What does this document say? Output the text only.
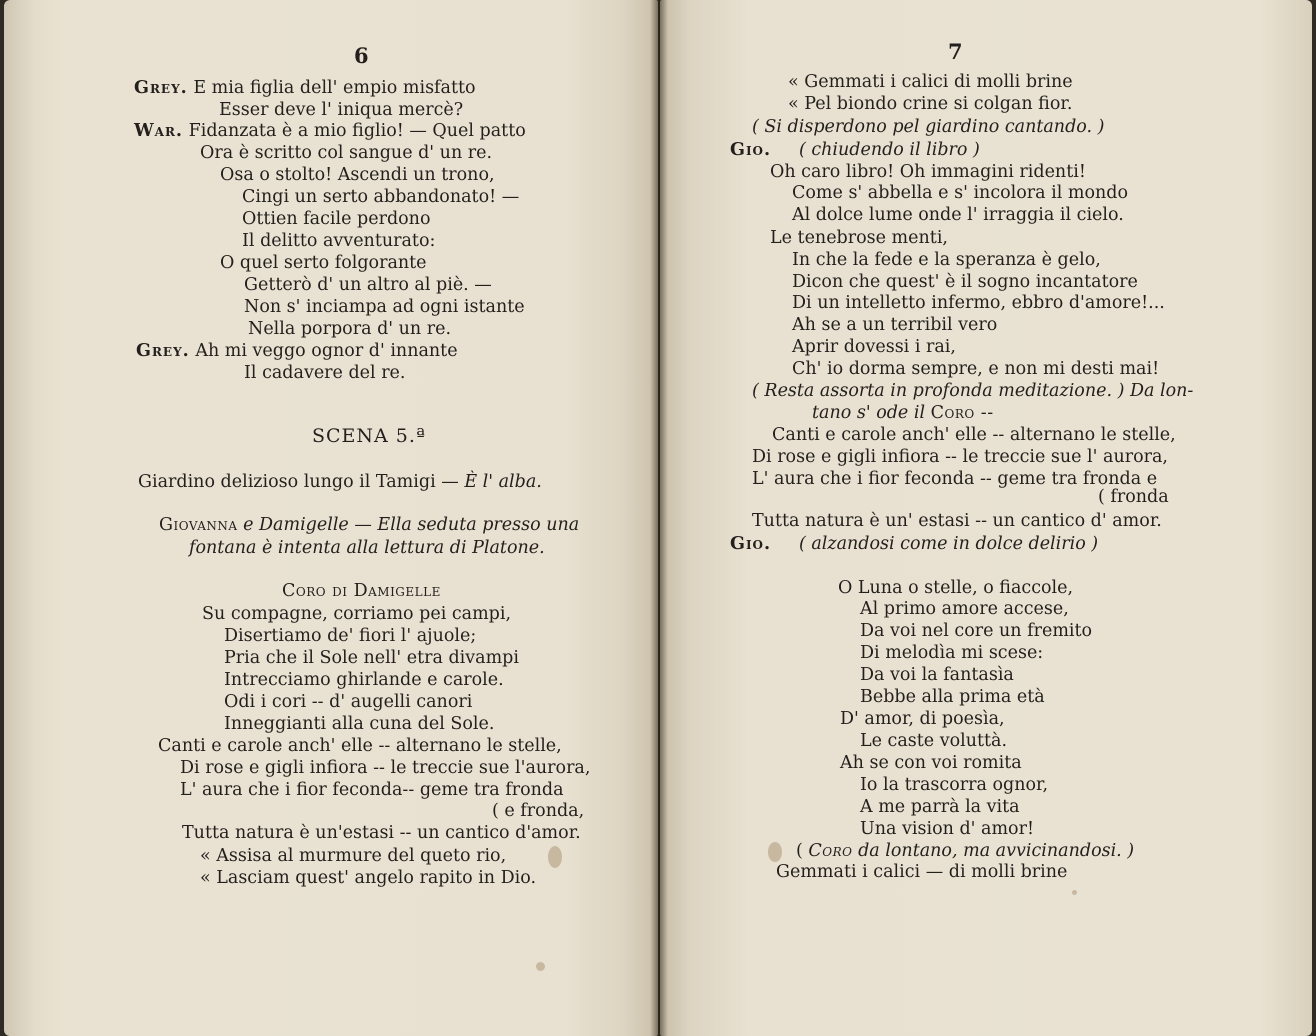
6
Grey. E mia figlia dell' empio misfatto
Esser deve l' iniqua mercè?
War. Fidanzata è a mio figlio! — Quel patto
Ora è scritto col sangue d' un re.
Osa o stolto! Ascendi un trono,
Cingi un serto abbandonato! —
Ottien facile perdono
Il delitto avventurato:
O quel serto folgorante
Getterò d' un altro al piè. —
Non s' inciampa ad ogni istante
Nella porpora d' un re.
Grey. Ah mi veggo ognor d' innante
Il cadavere del re.
SCENA 5.ª
Giardino delizioso lungo il Tamigi — È l' alba.
Giovanna e Damigelle — Ella seduta presso una
fontana è intenta alla lettura di Platone.
Coro di Damigelle
Su compagne, corriamo pei campi,
Disertiamo de' fiori l' ajuole;
Pria che il Sole nell' etra divampi
Intrecciamo ghirlande e carole.
Odi i cori -- d' augelli canori
Inneggianti alla cuna del Sole.
Canti e carole anch' elle -- alternano le stelle,
Di rose e gigli infiora -- le treccie sue l'aurora,
L' aura che i fior feconda-- geme tra fronda
( e fronda,
Tutta natura è un'estasi -- un cantico d'amor.
« Assisa al murmure del queto rio,
« Lasciam quest' angelo rapito in Dio.
7
« Gemmati i calici di molli brine
« Pel biondo crine si colgan fior.
( Si disperdono pel giardino cantando. )
Gio. ( chiudendo il libro )
Oh caro libro! Oh immagini ridenti!
Come s' abbella e s' incolora il mondo
Al dolce lume onde l' irraggia il cielo.
Le tenebrose menti,
In che la fede e la speranza è gelo,
Dicon che quest' è il sogno incantatore
Di un intelletto infermo, ebbro d'amore!...
Ah se a un terribil vero
Aprir dovessi i rai,
Ch' io dorma sempre, e non mi desti mai!
( Resta assorta in profonda meditazione. ) Da lon-
tano s' ode il Coro --
Canti e carole anch' elle -- alternano le stelle,
Di rose e gigli infiora -- le treccie sue l' aurora,
L' aura che i fior feconda -- geme tra fronda e
( fronda
Tutta natura è un' estasi -- un cantico d' amor.
Gio. ( alzandosi come in dolce delirio )
O Luna o stelle, o fiaccole,
Al primo amore accese,
Da voi nel core un fremito
Di melodìa mi scese:
Da voi la fantasìa
Bebbe alla prima età
D' amor, di poesìa,
Le caste voluttà.
Ah se con voi romita
Io la trascorra ognor,
A me parrà la vita
Una vision d' amor!
( Coro da lontano, ma avvicinandosi. )
Gemmati i calici — di molli brine
